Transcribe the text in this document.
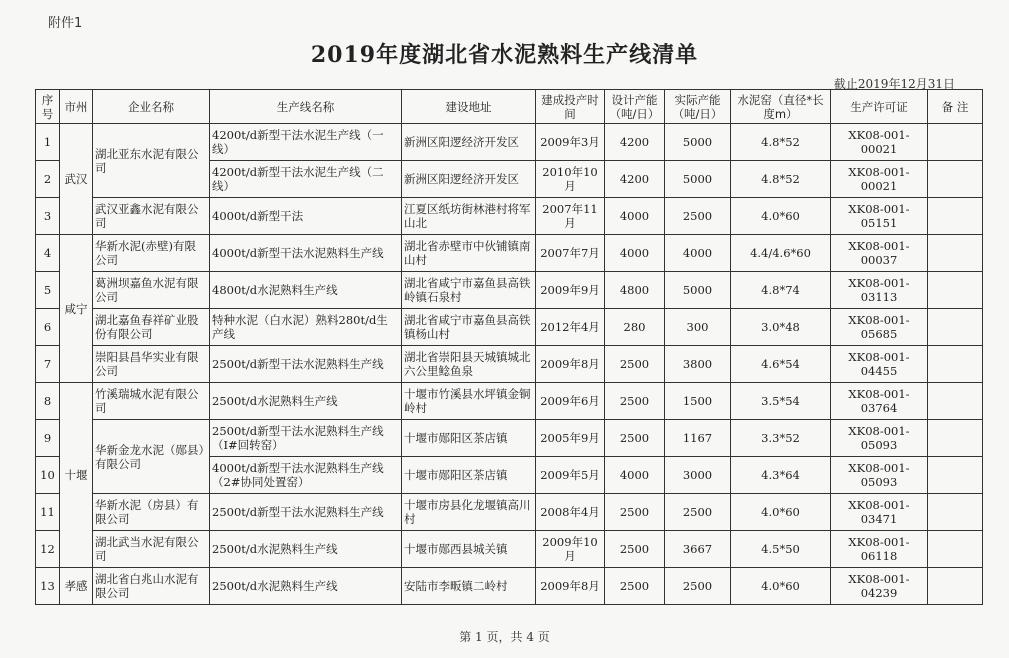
附件1
2019年度湖北省水泥熟料生产线清单
截止2019年12月31日
序号	市州	企业名称	生产线名称	建设地址	建成投产时间	设计产能（吨/日）	实际产能（吨/日）	水泥窑（直径*长度m）	生产许可证	备 注
1	武汉	湖北亚东水泥有限公司	4200t/d新型干法水泥生产线（一线）	新洲区阳逻经济开发区	2009年3月	4200	5000	4.8*52	XK08-001-00021	
2			4200t/d新型干法水泥生产线（二线）	新洲区阳逻经济开发区	2010年10月	4200	5000	4.8*52	XK08-001-00021	
3		武汉亚鑫水泥有限公司	4000t/d新型干法	江夏区纸坊街林港村将军山北	2007年11月	4000	2500	4.0*60	XK08-001-05151	
4	咸宁	华新水泥(赤壁)有限公司	4000t/d新型干法水泥熟料生产线	湖北省赤壁市中伙铺镇南山村	2007年7月	4000	4000	4.4/4.6*60	XK08-001-00037	
5		葛洲坝嘉鱼水泥有限公司	4800t/d水泥熟料生产线	湖北省咸宁市嘉鱼县高铁岭镇石泉村	2009年9月	4800	5000	4.8*74	XK08-001-03113	
6		湖北嘉鱼春祥矿业股份有限公司	特种水泥（白水泥）熟料280t/d生产线	湖北省咸宁市嘉鱼县高铁镇杨山村	2012年4月	280	300	3.0*48	XK08-001-05685	
7		崇阳县昌华实业有限公司	2500t/d新型干法水泥熟料生产线	湖北省崇阳县天城镇城北六公里鲶鱼泉	2009年8月	2500	3800	4.6*54	XK08-001-04455	
8	十堰	竹溪瑞城水泥有限公司	2500t/d水泥熟料生产线	十堰市竹溪县水坪镇金铜岭村	2009年6月	2500	1500	3.5*54	XK08-001-03764	
9		华新金龙水泥（郧县）有限公司	2500t/d新型干法水泥熟料生产线（I#回转窑）	十堰市郧阳区茶店镇	2005年9月	2500	1167	3.3*52	XK08-001-05093	
10			4000t/d新型干法水泥熟料生产线（2#协同处置窑）	十堰市郧阳区茶店镇	2009年5月	4000	3000	4.3*64	XK08-001-05093	
11		华新水泥（房县）有限公司	2500t/d新型干法水泥熟料生产线	十堰市房县化龙堰镇高川村	2008年4月	2500	2500	4.0*60	XK08-001-03471	
12		湖北武当水泥有限公司	2500t/d水泥熟料生产线	十堰市郧西县城关镇	2009年10月	2500	3667	4.5*50	XK08-001-06118	
13	孝感	湖北省白兆山水泥有限公司	2500t/d水泥熟料生产线	安陆市李畈镇二岭村	2009年8月	2500	2500	4.0*60	XK08-001-04239	
第 1 页，共 4 页
